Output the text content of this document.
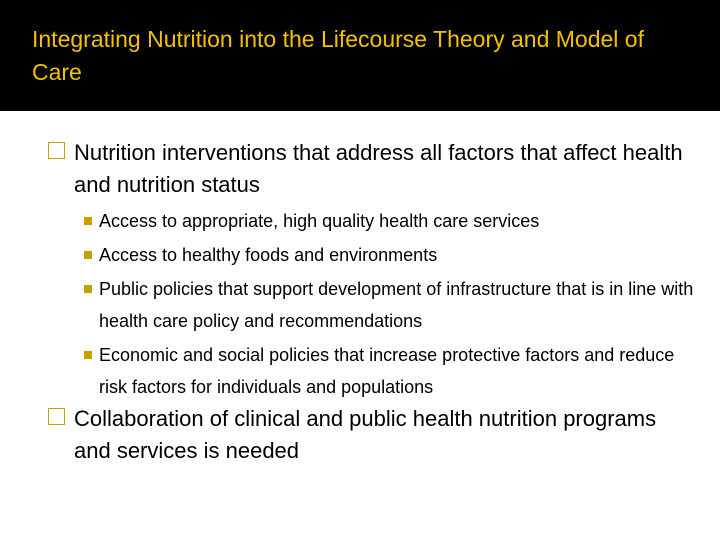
Integrating Nutrition into the Lifecourse Theory and Model of Care
Nutrition interventions that address all factors that affect health and nutrition status
Access to appropriate, high quality health care services
Access to healthy foods and environments
Public policies that support development of infrastructure that is in line with health care policy and recommendations
Economic and social policies that increase protective factors and reduce risk factors for individuals and populations
Collaboration of clinical and public health nutrition programs and services is needed
